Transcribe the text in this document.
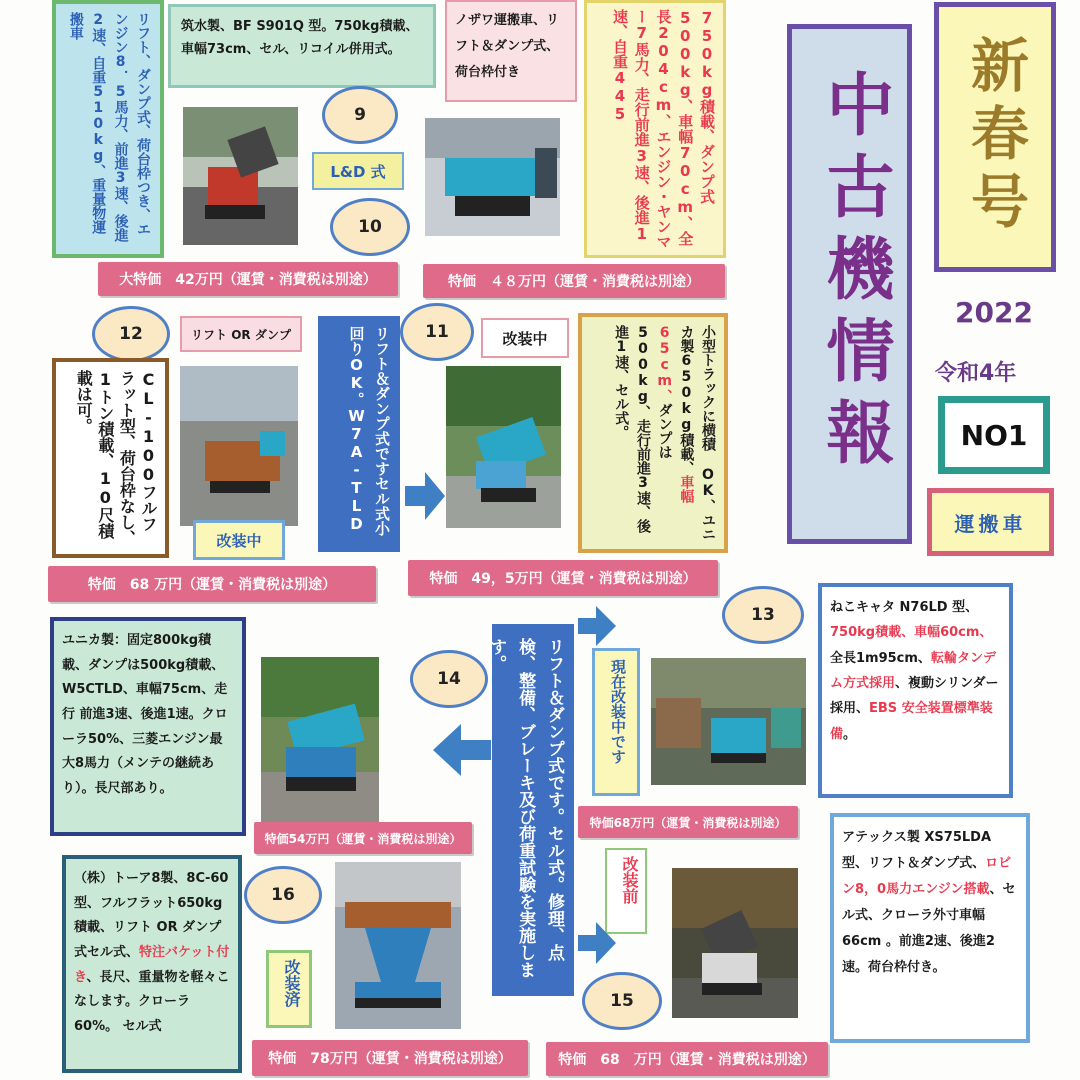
リフト、ダンプ式、荷台枠つき、エンジン8．5馬力、前進3速、後進2速、自重510kg、重量物運搬車	筑水製、BF S901Q 型。750kg積載、車幅73cm、セル、リコイル併用式。
9
L&D 式
10
ノザワ運搬車、リフト＆ダンプ式、荷台枠付き	750kg積載、ダンプ式500kg、車幅70cm、全長204cm、エンジン・ヤンマー7馬力、走行前進3速、後進1速、自重445
中古機情報	新春号
2022
令和4年
NO1
運搬車
大特価　42万円（運賃・消費税は別途）	特価　４８万円（運賃・消費税は別途）
12	リフト OR ダンプ
CL‐100フルフラット型、荷台枠なし、1トン積載、10尺積載は可。
改装中
リフト＆ダンプ式ですセル式小回りOK。W7A‐TLD	11	改装中	小型トラックに横積 OK、ユニカ製650kg積載、車幅65cm、ダンプは500kg、走行前進3速、後進1速、セル式。
特価　68 万円（運賃・消費税は別途）	特価　49，5万円（運賃・消費税は別途）
ユニカ製：固定800kg積載、ダンプは500kg積載、W5CTLD、車幅75cm、走行 前進3速、後進1速。クローラ50%、三菱エンジン最大8馬力（メンテの継続あり）。長尺部あり。
14
特価54万円（運賃・消費税は別途）	リフト＆ダンプ式です。セル式。修理、点検、整備、ブレーキ及び荷重試験を実施します。
現在改装中です
13
特価68万円（運賃・消費税は別途）
ねこキャタ N76LD 型、750kg積載、車幅60cm、全長1m95cm、転輪タンデム方式採用、複動シリンダー採用、EBS 安全装置標準装備。
（株）トーア8製、8C‐60型、フルフラット650kg積載、リフト OR ダンプ式セル式、特注バケット付き、長尺、重量物を軽々こなします。クローラ60%。 セル式
16
改装済
特価　78万円（運賃・消費税は別途）
改装前
15
アテックス製 XS75LDA 型、リフト＆ダンプ式、ロビン8，0馬力エンジン搭載、セル式、クローラ外寸車幅 66cm 。前進2速、後進2速。荷台枠付き。
特価　68　万円（運賃・消費税は別途）
